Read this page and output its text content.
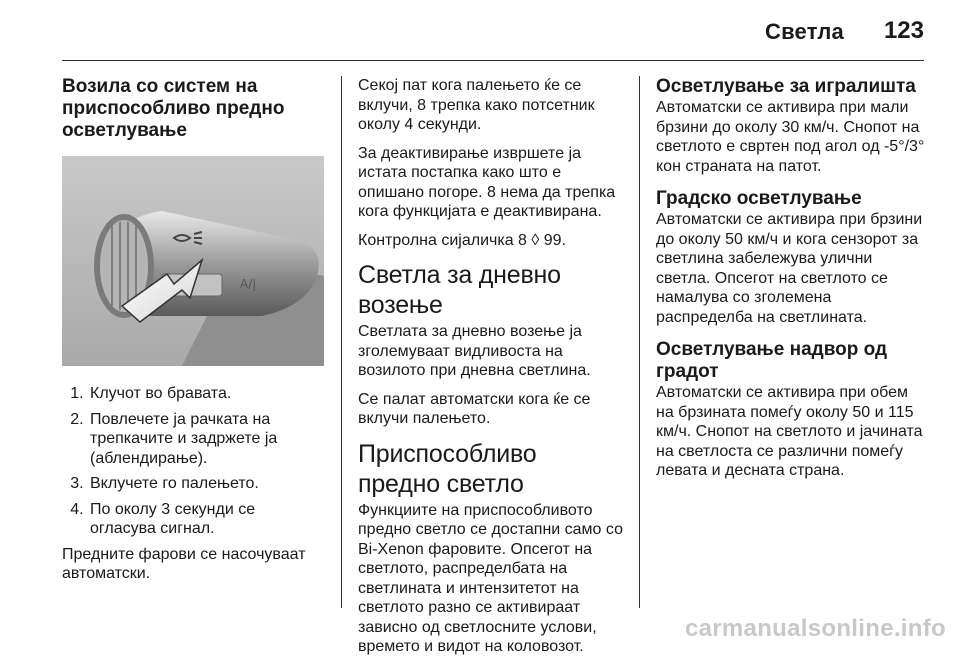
Светла 123
Возила со систем на приспособливо предно осветлување
A/|
1. Клучот во бравата.
2. Повлечете ја рачката на трепкачите и задржете ја (аблендирање).
3. Вклучете го палењето.
4. По околу 3 секунди се огласува сигнал.

Предните фарови се насочуваат автоматски.

Секој пат кога палењето ќе се вклучи, 8 трепка како потсетник околу 4 секунди.

За деактивирање извршете ја истата постапка како што е опишано погоре. 8 нема да трепка кога функцијата е деактивирана.

Контролна сијаличка 8 ◊ 99.

Светла за дневно возење

Светлата за дневно возење ја зголемуваат видливоста на возилото при дневна светлина.

Се палат автоматски кога ќе се вклучи палењето.

Приспособливо предно светло

Функциите на приспособливото предно светло се достапни само со Bi-Xenon фаровите. Опсегот на светлото, распределбата на светлината и интензитетот на светлото разно се активираат зависно од светлосните услови, времето и видот на коловозот.

Осветлување за игралишта

Автоматски се активира при мали брзини до околу 30 км/ч. Снопот на светлото е свртен под агол од -5°/3° кон страната на патот.

Градско осветлување

Автоматски се активира при брзини до околу 50 км/ч и кога сензорот за светлина забележува улични светла. Опсегот на светлото се намалува со зголемена распределба на светлината.

Осветлување надвор од градот

Автоматски се активира при обем на брзината помеѓу околу 50 и 115 км/ч. Снопот на светлото и јачината на светлоста се различни помеѓу левата и десната страна.

carmanualsonline.info
